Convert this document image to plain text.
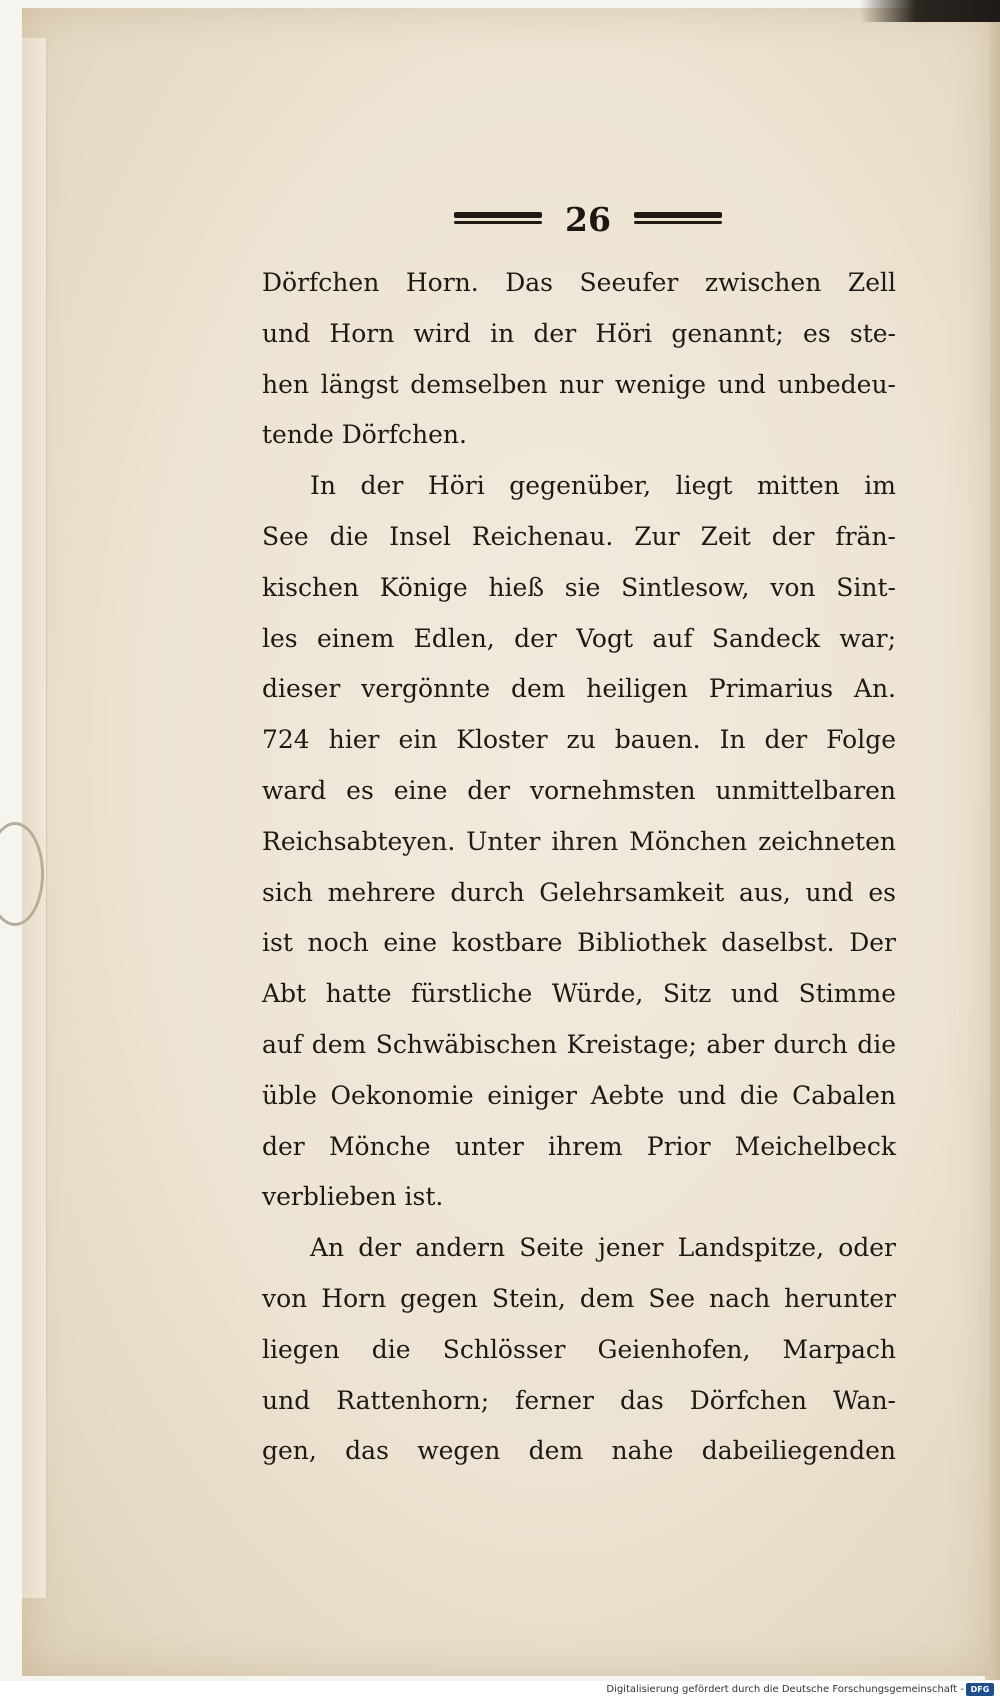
26
Dörfchen Horn. Das Seeufer zwischen Zell
und Horn wird in der Höri genannt; es ste-
hen längst demselben nur wenige und unbedeu-
tende Dörfchen.
In der Höri gegenüber, liegt mitten im
See die Insel Reichenau. Zur Zeit der frän-
kischen Könige hieß sie Sintlesow, von Sint-
les einem Edlen, der Vogt auf Sandeck war;
dieser vergönnte dem heiligen Primarius An.
724 hier ein Kloster zu bauen. In der Folge
ward es eine der vornehmsten unmittelbaren
Reichsabteyen. Unter ihren Mönchen zeichneten
sich mehrere durch Gelehrsamkeit aus, und es
ist noch eine kostbare Bibliothek daselbst. Der
Abt hatte fürstliche Würde, Sitz und Stimme
auf dem Schwäbischen Kreistage; aber durch die
üble Oekonomie einiger Aebte und die Cabalen
der Mönche unter ihrem Prior Meichelbeck
verblieben ist.
An der andern Seite jener Landspitze, oder
von Horn gegen Stein, dem See nach herunter
liegen die Schlösser Geienhofen, Marpach
und Rattenhorn; ferner das Dörfchen Wan-
gen, das wegen dem nahe dabeiliegenden
Digitalisierung gefördert durch die Deutsche Forschungsgemeinschaft - DFG
